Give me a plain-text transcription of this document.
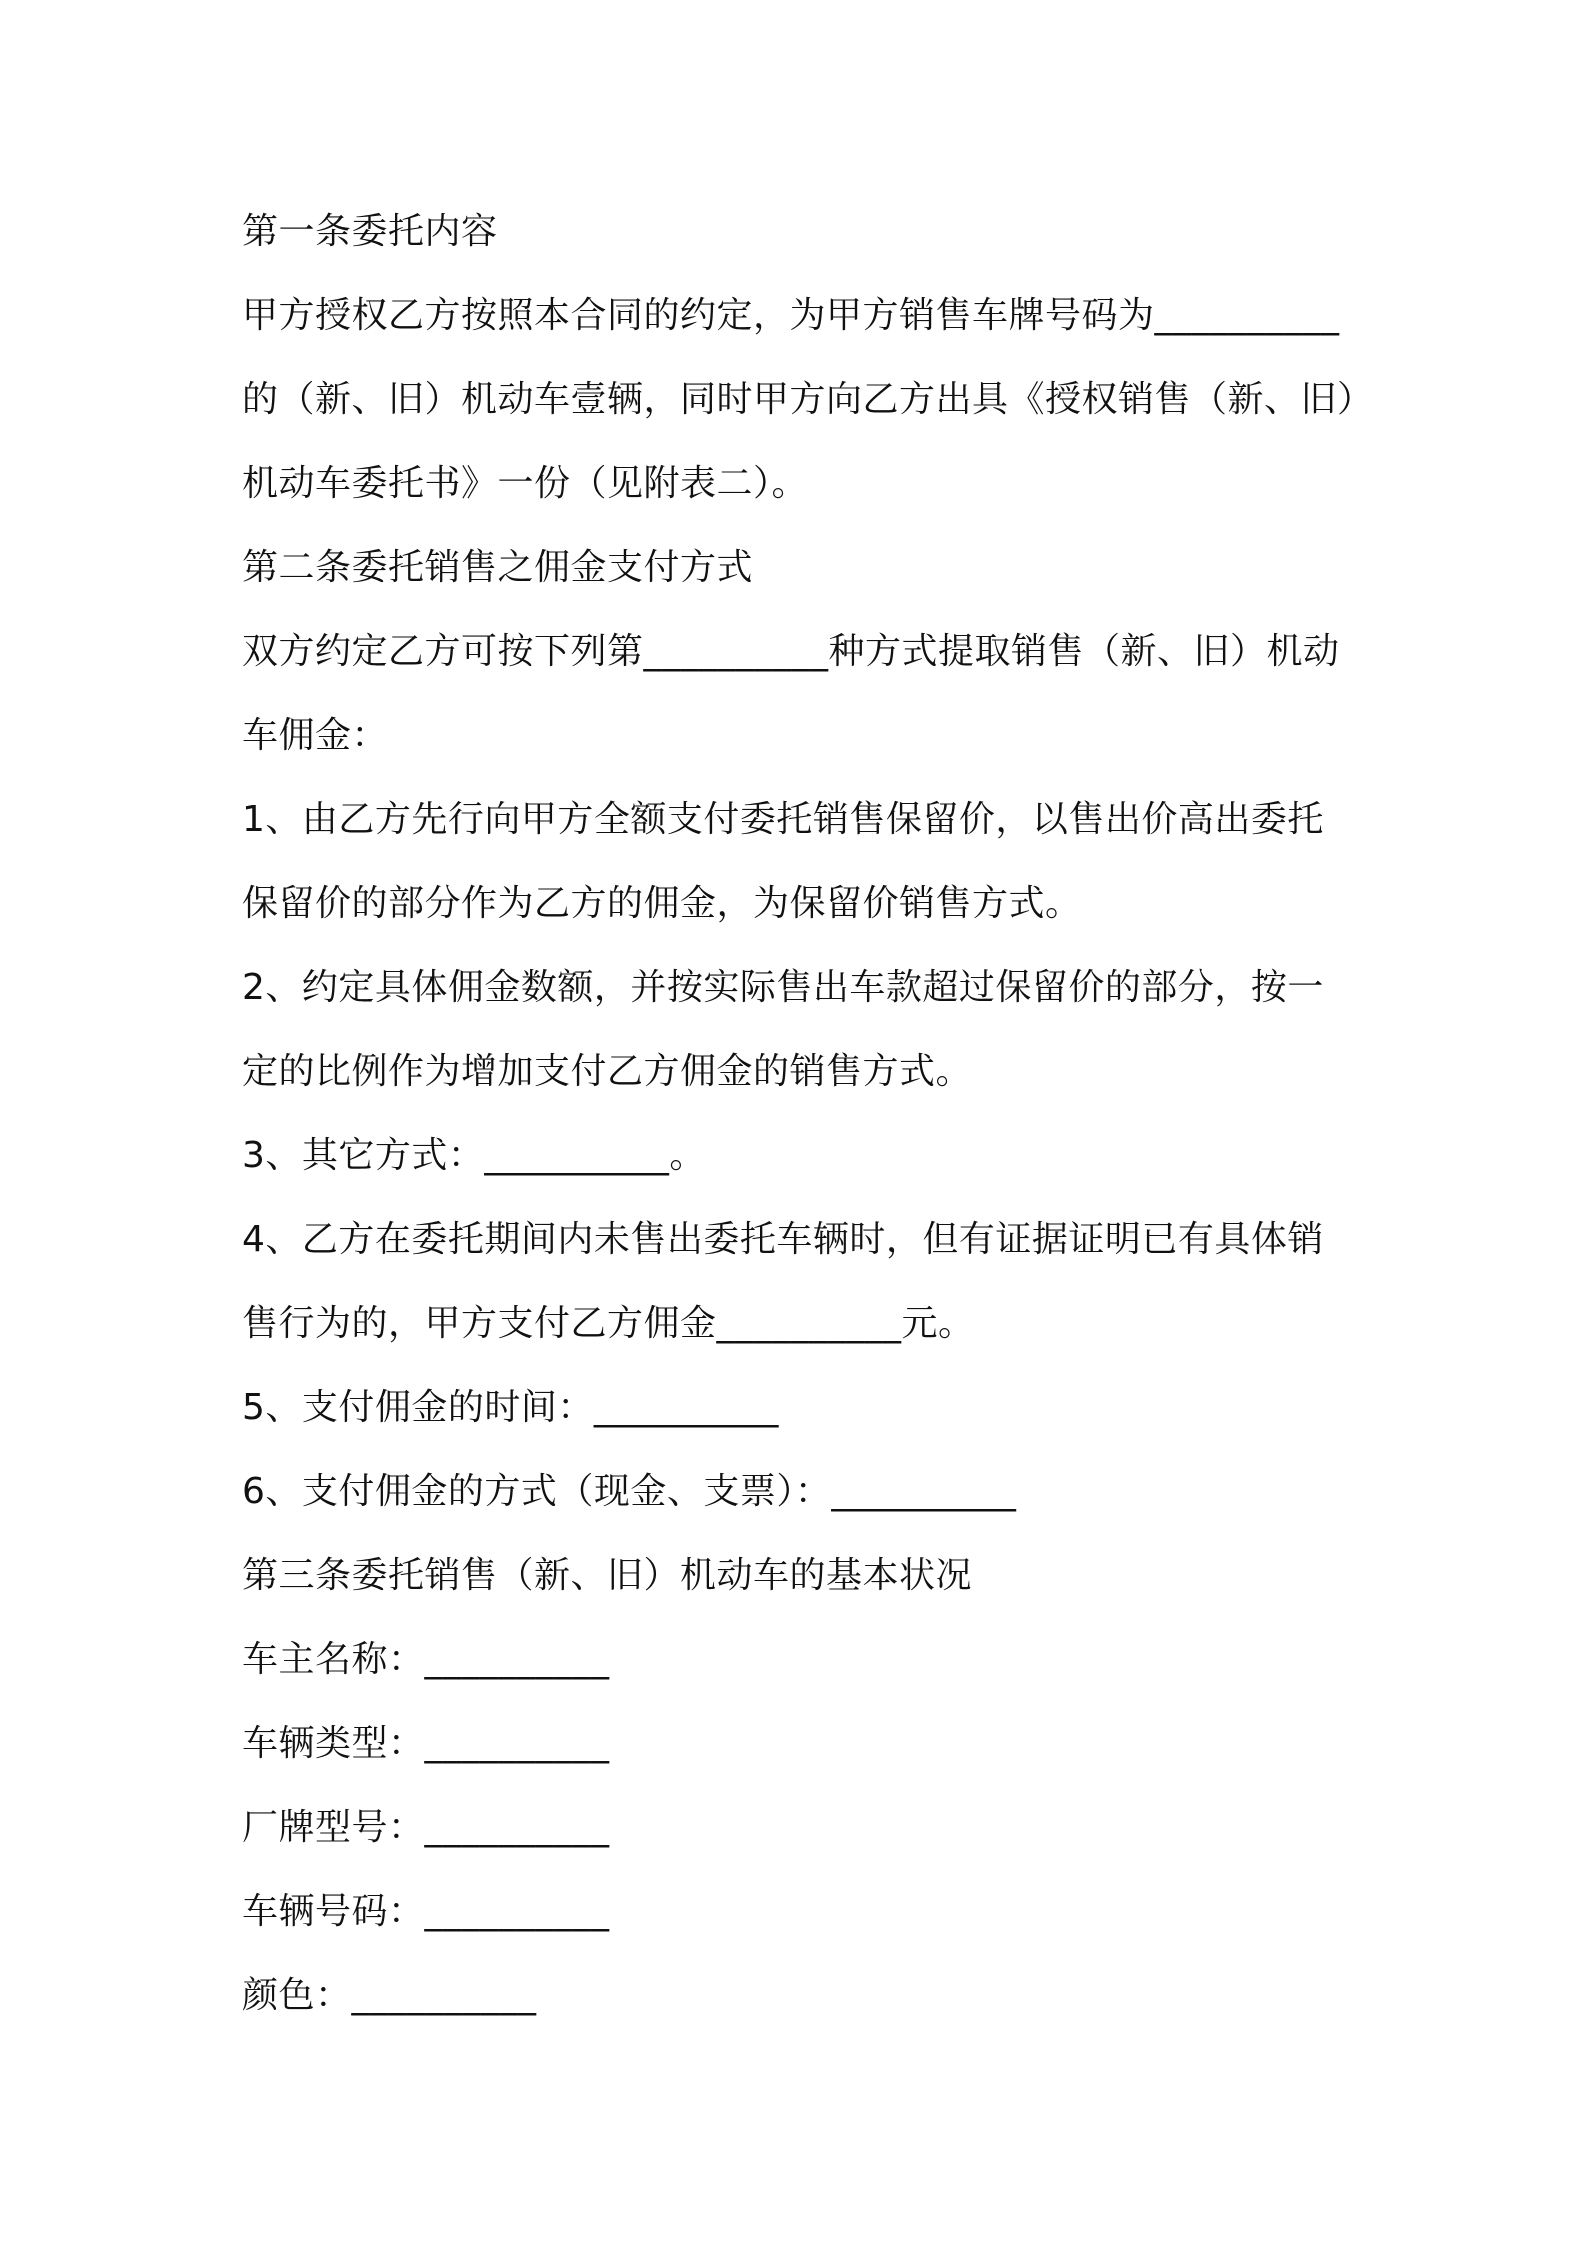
第一条委托内容
甲方授权乙方按照本合同的约定，为甲方销售车牌号码为__________
的（新、旧）机动车壹辆，同时甲方向乙方出具《授权销售（新、旧）
机动车委托书》一份（见附表二）。
第二条委托销售之佣金支付方式
双方约定乙方可按下列第__________种方式提取销售（新、旧）机动
车佣金：
1、由乙方先行向甲方全额支付委托销售保留价，以售出价高出委托
保留价的部分作为乙方的佣金，为保留价销售方式。
2、约定具体佣金数额，并按实际售出车款超过保留价的部分，按一
定的比例作为增加支付乙方佣金的销售方式。
3、其它方式：__________。
4、乙方在委托期间内未售出委托车辆时，但有证据证明已有具体销
售行为的，甲方支付乙方佣金__________元。
5、支付佣金的时间：__________
6、支付佣金的方式（现金、支票）：__________
第三条委托销售（新、旧）机动车的基本状况
车主名称：__________
车辆类型：__________
厂牌型号：__________
车辆号码：__________
颜色：__________
